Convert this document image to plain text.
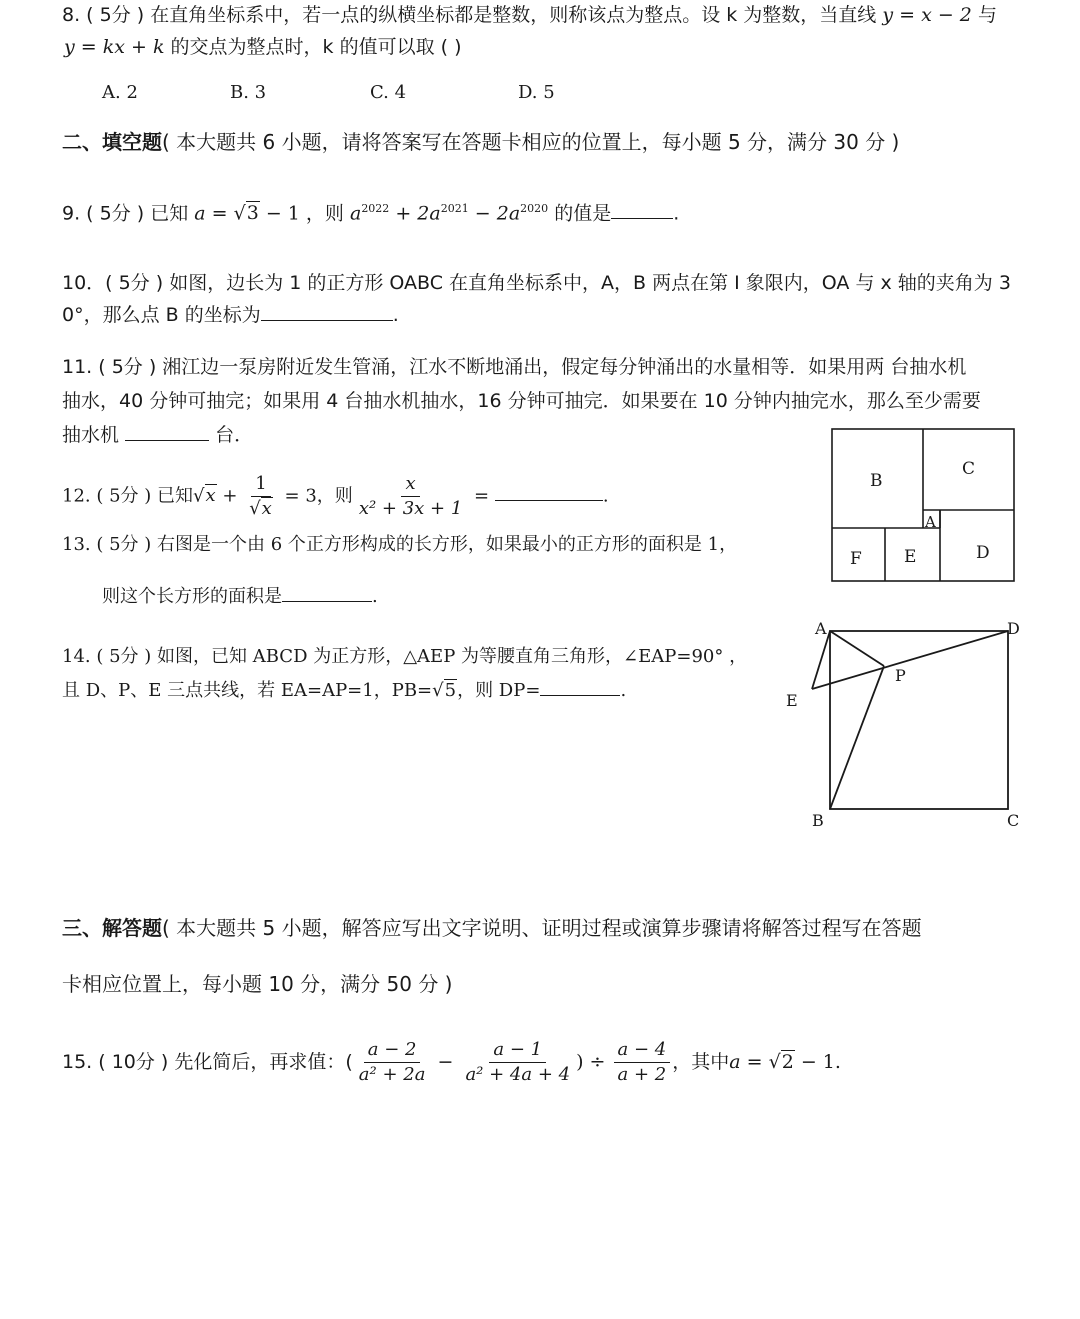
8. ( 5分 ) 在直角坐标系中，若一点的纵横坐标都是整数，则称该点为整点。设 k 为整数，当直线 y = x − 2 与
y = kx + k 的交点为整点时，k 的值可以取 ( )
A. 2	B. 3	C. 4	D. 5
二、填空题( 本大题共 6 小题，请将答案写在答题卡相应的位置上，每小题 5 分，满分 30 分 )
9. ( 5分 ) 已知 a = √3 − 1 ，则 $a^{2022} + 2a^{2021} - 2a^{2020}$ 的值是	.
10．( 5分 ) 如图，边长为 1 的正方形 OABC 在直角坐标系中，A，B 两点在第 I 象限内，OA 与 x 轴的夹角为 3
0°，那么点 B 的坐标为	.
11. ( 5分 ) 湘江边一泵房附近发生管涌，江水不断地涌出，假定每分钟涌出的水量相等．如果用两 台抽水机
抽水，40 分钟可抽完；如果用 4 台抽水机抽水，16 分钟可抽完．如果要在 10 分钟内抽完水，那么至少需要
抽水机	台．
12. ( 5分 ) 已知$√x + \frac{1}{√x} = 3$，则 $\frac{x}{\text{x² + 3x + 1}}$ =	.
13. ( 5分 ) 右图是一个由 6 个正方形构成的长方形，如果最小的正方形的面积是 1，
则这个长方形的面积是	.
B
C
A
F E	D
14. ( 5分 ) 如图，已知 ABCD 为正方形，△AEP 为等腰直角三角形，∠EAP=90° ，
且 D、P、E 三点共线，若 EA=AP=1，PB=√5，则 DP=	.
A	D
P
E
B	C
三、解答题( 本大题共 5 小题，解答应写出文字说明、证明过程或演算步骤请将解答过程写在答题
卡相应位置上，每小题 10 分，满分 50 分 )
15. ( 10分 ) 先化简后，再求值：( $\frac{a - 2}{\text{a² + 2a}} - \frac{a - 1}{\text{a² + 4a + 4}}$ ) ÷ $\frac{a - 4}{a + 2}$ ，其中a = √2 − 1.
